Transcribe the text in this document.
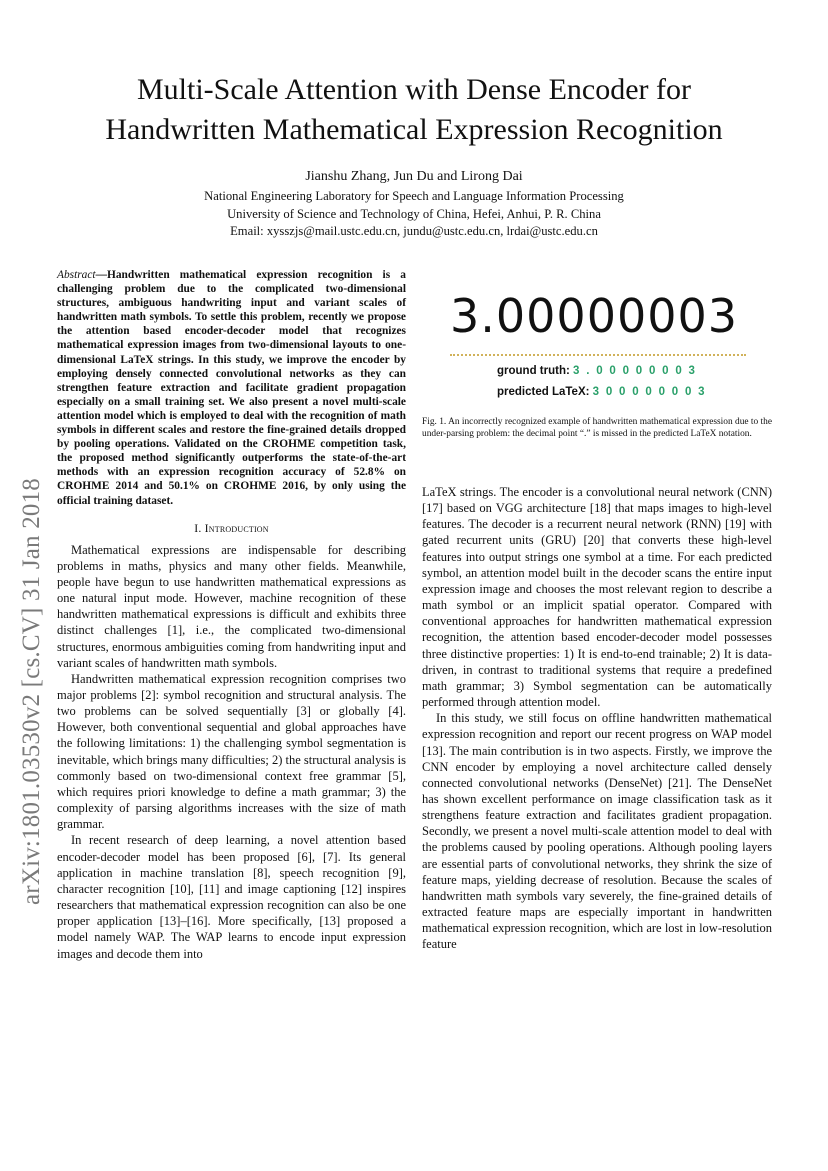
Multi-Scale Attention with Dense Encoder for
Handwritten Mathematical Expression Recognition
Jianshu Zhang, Jun Du and Lirong Dai
National Engineering Laboratory for Speech and Language Information Processing
University of Science and Technology of China, Hefei, Anhui, P. R. China
Email: xysszjs@mail.ustc.edu.cn, jundu@ustc.edu.cn, lrdai@ustc.edu.cn
arXiv:1801.03530v2 [cs.CV] 31 Jan 2018

Abstract—Handwritten mathematical expression recognition is a challenging problem due to the complicated two-dimensional structures, ambiguous handwriting input and variant scales of handwritten math symbols. To settle this problem, recently we propose the attention based encoder-decoder model that recognizes mathematical expression images from two-dimensional layouts to one-dimensional LaTeX strings. In this study, we improve the encoder by employing densely connected convolutional networks as they can strengthen feature extraction and facilitate gradient propagation especially on a small training set. We also present a novel multi-scale attention model which is employed to deal with the recognition of math symbols in different scales and restore the fine-grained details dropped by pooling operations. Validated on the CROHME competition task, the proposed method significantly outperforms the state-of-the-art methods with an expression recognition accuracy of 52.8% on CROHME 2014 and 50.1% on CROHME 2016, by only using the official training dataset.

I. Introduction

Mathematical expressions are indispensable for describing problems in maths, physics and many other fields. Meanwhile, people have begun to use handwritten mathematical expressions as one natural input mode. However, machine recognition of these handwritten mathematical expressions is difficult and exhibits three distinct challenges [1], i.e., the complicated two-dimensional structures, enormous ambiguities coming from handwriting input and variant scales of handwritten math symbols.

Handwritten mathematical expression recognition comprises two major problems [2]: symbol recognition and structural analysis. The two problems can be solved sequentially [3] or globally [4]. However, both conventional sequential and global approaches have the following limitations: 1) the challenging symbol segmentation is inevitable, which brings many difficulties; 2) the structural analysis is commonly based on two-dimensional context free grammar [5], which requires priori knowledge to define a math grammar; 3) the complexity of parsing algorithms increases with the size of math grammar.

In recent research of deep learning, a novel attention based encoder-decoder model has been proposed [6], [7]. Its general application in machine translation [8], speech recognition [9], character recognition [10], [11] and image captioning [12] inspires researchers that mathematical expression recognition can also be one proper application [13]–[16]. More specifically, [13] proposed a model namely WAP. The WAP learns to encode input expression images and decode them into

3.00000003
ground truth: 3 . 0 0 0 0 0 0 0 3
predicted LaTeX: 3 0 0 0 0 0 0 0 3
Fig. 1. An incorrectly recognized example of handwritten mathematical expression due to the under-parsing problem: the decimal point “.” is missed in the predicted LaTeX notation.

LaTeX strings. The encoder is a convolutional neural network (CNN) [17] based on VGG architecture [18] that maps images to high-level features. The decoder is a recurrent neural network (RNN) [19] with gated recurrent units (GRU) [20] that converts these high-level features into output strings one symbol at a time. For each predicted symbol, an attention model built in the decoder scans the entire input expression image and chooses the most relevant region to describe a math symbol or an implicit spatial operator. Compared with conventional approaches for handwritten mathematical expression recognition, the attention based encoder-decoder model possesses three distinctive properties: 1) It is end-to-end trainable; 2) It is data-driven, in contrast to traditional systems that require a predefined math grammar; 3) Symbol segmentation can be automatically performed through attention model.

In this study, we still focus on offline handwritten mathematical expression recognition and report our recent progress on WAP model [13]. The main contribution is in two aspects. Firstly, we improve the CNN encoder by employing a novel architecture called densely connected convolutional networks (DenseNet) [21]. The DenseNet has shown excellent performance on image classification task as it strengthens feature extraction and facilitates gradient propagation. Secondly, we present a novel multi-scale attention model to deal with the problems caused by pooling operations. Although pooling layers are essential parts of convolutional networks, they shrink the size of feature maps, yielding decrease of resolution. Because the scales of handwritten math symbols vary severely, the fine-grained details of extracted feature maps are especially important in handwritten mathematical expression recognition, which are lost in low-resolution feature
